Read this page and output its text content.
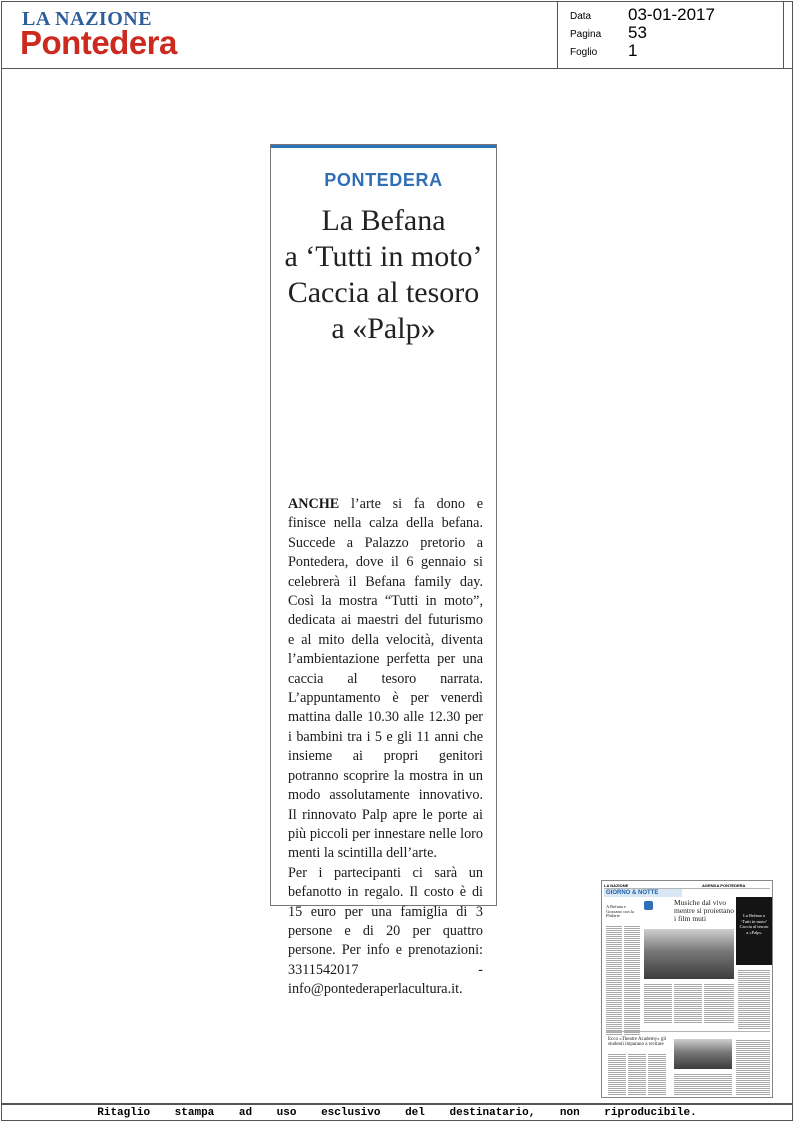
LA NAZIONE
Pontedera
Data 03-01-2017
Pagina 53
Foglio 1
PONTEDERA
La Befana
a ‘Tutti in moto’
Caccia al tesoro
a «Palp»

ANCHE l’arte si fa dono e finisce nella calza della befana. Succede a Palazzo pretorio a Pontedera, dove il 6 gennaio si celebrerà il Befana family day. Così la mostra “Tutti in moto”, dedicata ai maestri del futurismo e al mito della velocità, diventa l’ambientazione perfetta per una caccia al tesoro narrata. L’appuntamento è per venerdì mattina dalle 10.30 alle 12.30 per i bambini tra i 5 e gli 11 anni che insieme ai propri genitori potranno scoprire la mostra in un modo assolutamente innovativo. Il rinnovato Palp apre le porte ai più piccoli per innestare nelle loro menti la scintilla dell’arte.

Per i partecipanti ci sarà un befanotto in regalo. Il costo è di 15 euro per una famiglia di 3 persone e di 20 per quattro persone. Per info e prenotazioni: 3311542017 - info@pontederaperlacultura.it.

LA NAZIONE	AGENDA PONTEDERA
GIORNO & NOTTE
A Befana e Gozzano con la Philarte
Musiche dal vivo mentre si proiettano i film muti	La Befana a ‘Tutti in moto’ Caccia al tesoro a «Palp»
Ecco «Theatre Academy» gli studenti imparano a recitare
Ritaglio stampa ad uso esclusivo del destinatario, non riproducibile.
